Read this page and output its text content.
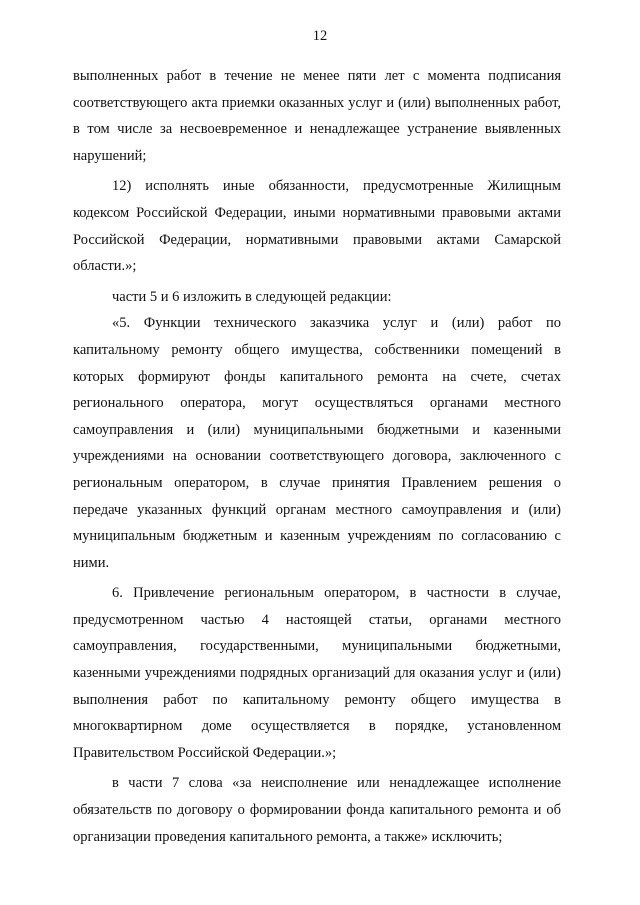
12

выполненных работ в течение не менее пяти лет с момента подписания соответствующего акта приемки оказанных услуг и (или) выполненных работ, в том числе за несвоевременное и ненадлежащее устранение выявленных нарушений;

12) исполнять иные обязанности, предусмотренные Жилищным кодексом Российской Федерации, иными нормативными правовыми актами Российской Федерации, нормативными правовыми актами Самарской области.»;

части 5 и 6 изложить в следующей редакции:

«5. Функции технического заказчика услуг и (или) работ по капитальному ремонту общего имущества, собственники помещений в которых формируют фонды капитального ремонта на счете, счетах регионального оператора, могут осуществляться органами местного самоуправления и (или) муниципальными бюджетными и казенными учреждениями на основании соответствующего договора, заключенного с региональным оператором, в случае принятия Правлением решения о передаче указанных функций органам местного самоуправления и (или) муниципальным бюджетным и казенным учреждениям по согласованию с ними.

6. Привлечение региональным оператором, в частности в случае, предусмотренном частью 4 настоящей статьи, органами местного самоуправления, государственными, муниципальными бюджетными, казенными учреждениями подрядных организаций для оказания услуг и (или) выполнения работ по капитальному ремонту общего имущества в многоквартирном доме осуществляется в порядке, установленном Правительством Российской Федерации.»;

в части 7 слова «за неисполнение или ненадлежащее исполнение обязательств по договору о формировании фонда капитального ремонта и об организации проведения капитального ремонта, а также» исключить;
